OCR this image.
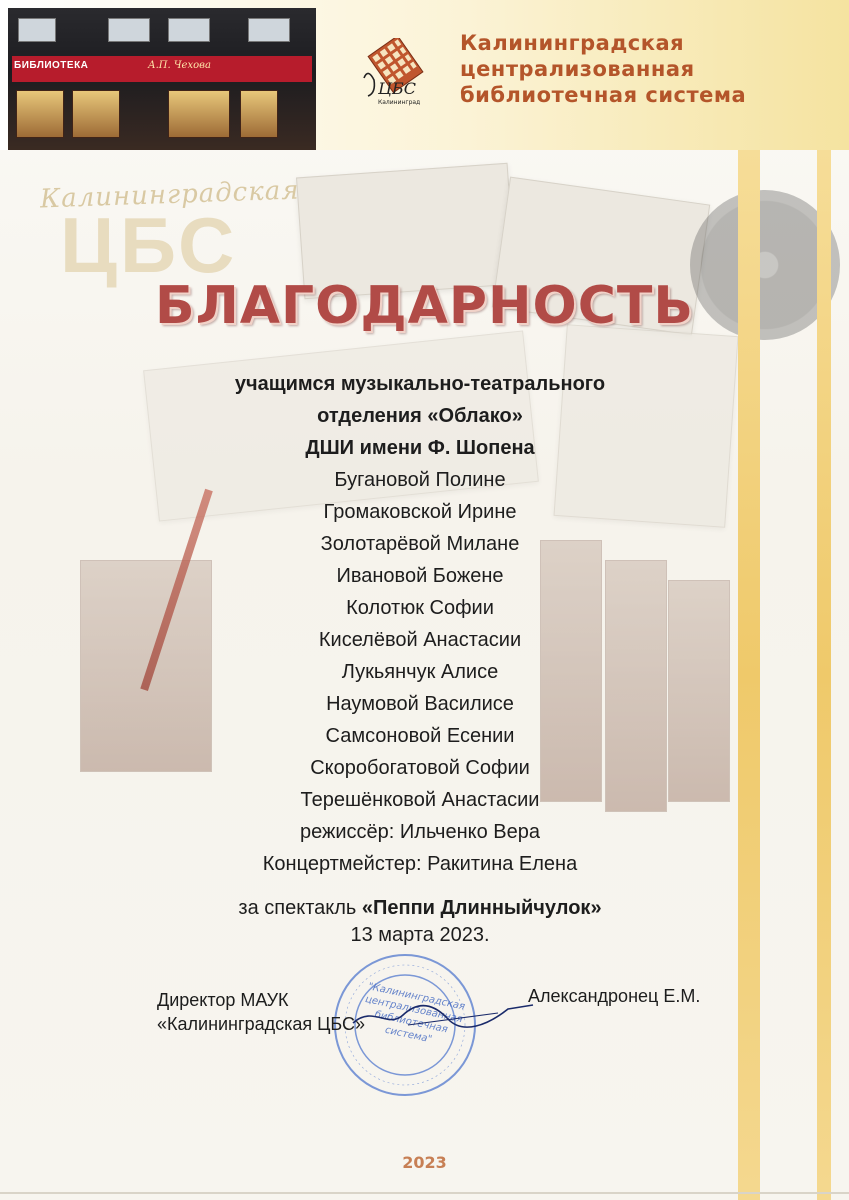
БИБЛИОТЕКА	А.П. Чехова
ЦБС
Калининград
Калининградская
централизованная
библиотечная система
Калининградская
ЦБС
БЛАГОДАРНОСТЬ
учащимся музыкально-театрального
отделения «Облако»
ДШИ имени Ф. Шопена
Бугановой Полине
Громаковской Ирине
Золотарёвой Милане
Ивановой Божене
Колотюк Софии
Киселёвой Анастасии
Лукьянчук Алисе
Наумовой Василисе
Самсоновой Есении
Скоробогатовой Софии
Терешёнковой Анастасии
режиссёр: Ильченко Вера
Концертмейстер: Ракитина Елена
за спектакль «Пеппи Длинныйчулок»
13 марта 2023.
"Калининградская централизованная библиотечная система"
Директор МАУК
«Калининградская ЦБС»
Александронец Е.М.
2023
